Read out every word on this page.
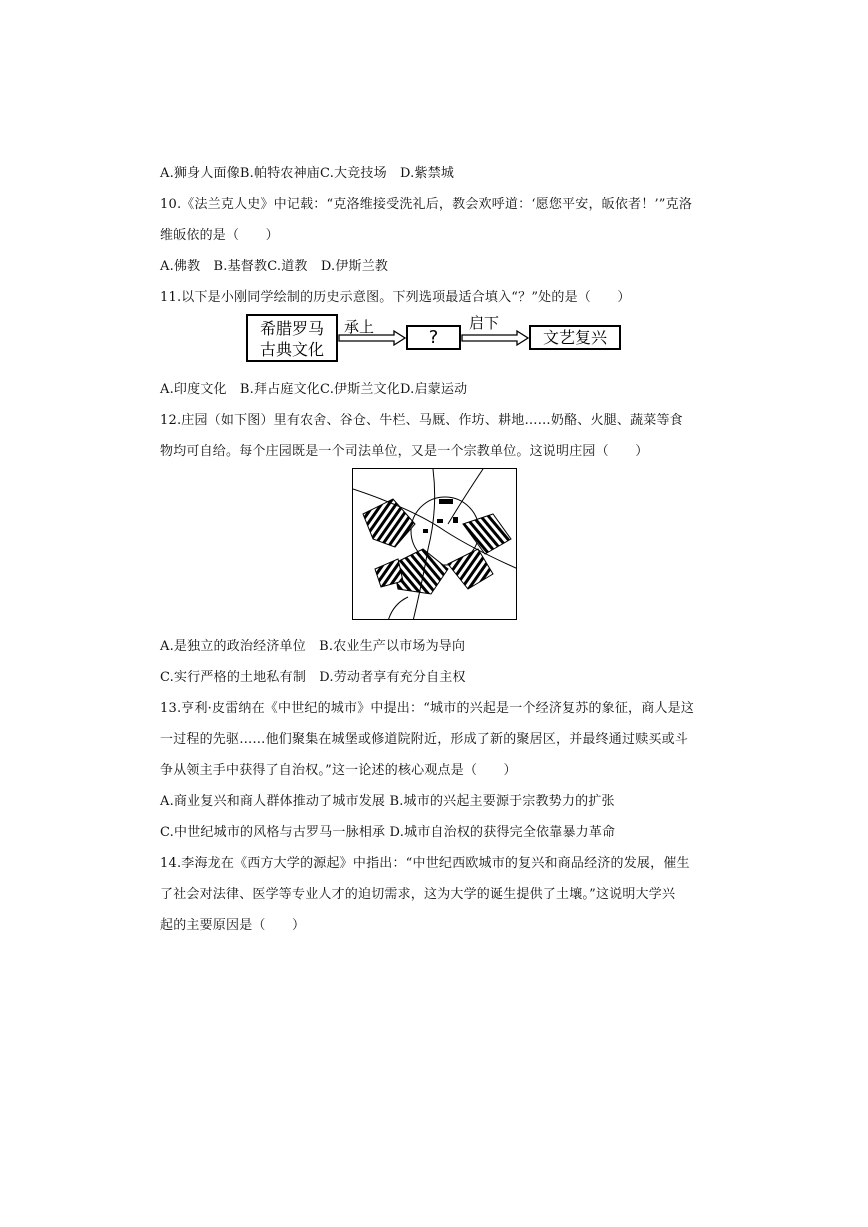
A.狮身人面像B.帕特农神庙C.大竞技场　D.紫禁城
10.《法兰克人史》中记载：“克洛维接受洗礼后，教会欢呼道：‘愿您平安，皈依者！’”克洛
维皈依的是（　　）
A.佛教　B.基督教C.道教　D.伊斯兰教
11.以下是小刚同学绘制的历史示意图。下列选项最适合填入“？”处的是（　　）
希腊罗马
古典文化
承上	?
启下
文艺复兴
A.印度文化　B.拜占庭文化C.伊斯兰文化D.启蒙运动
12.庄园（如下图）里有农舍、谷仓、牛栏、马厩、作坊、耕地……奶酪、火腿、蔬菜等食
物均可自给。每个庄园既是一个司法单位，又是一个宗教单位。这说明庄园（　　）
A.是独立的政治经济单位　B.农业生产以市场为导向
C.实行严格的土地私有制　D.劳动者享有充分自主权
13.亨利·皮雷纳在《中世纪的城市》中提出：“城市的兴起是一个经济复苏的象征，商人是这
一过程的先驱……他们聚集在城堡或修道院附近，形成了新的聚居区，并最终通过赎买或斗
争从领主手中获得了自治权。”这一论述的核心观点是（　　）
A.商业复兴和商人群体推动了城市发展 B.城市的兴起主要源于宗教势力的扩张
C.中世纪城市的风格与古罗马一脉相承 D.城市自治权的获得完全依靠暴力革命
14.李海龙在《西方大学的源起》中指出：“中世纪西欧城市的复兴和商品经济的发展，催生
了社会对法律、医学等专业人才的迫切需求，这为大学的诞生提供了土壤。”这说明大学兴
起的主要原因是（　　）
